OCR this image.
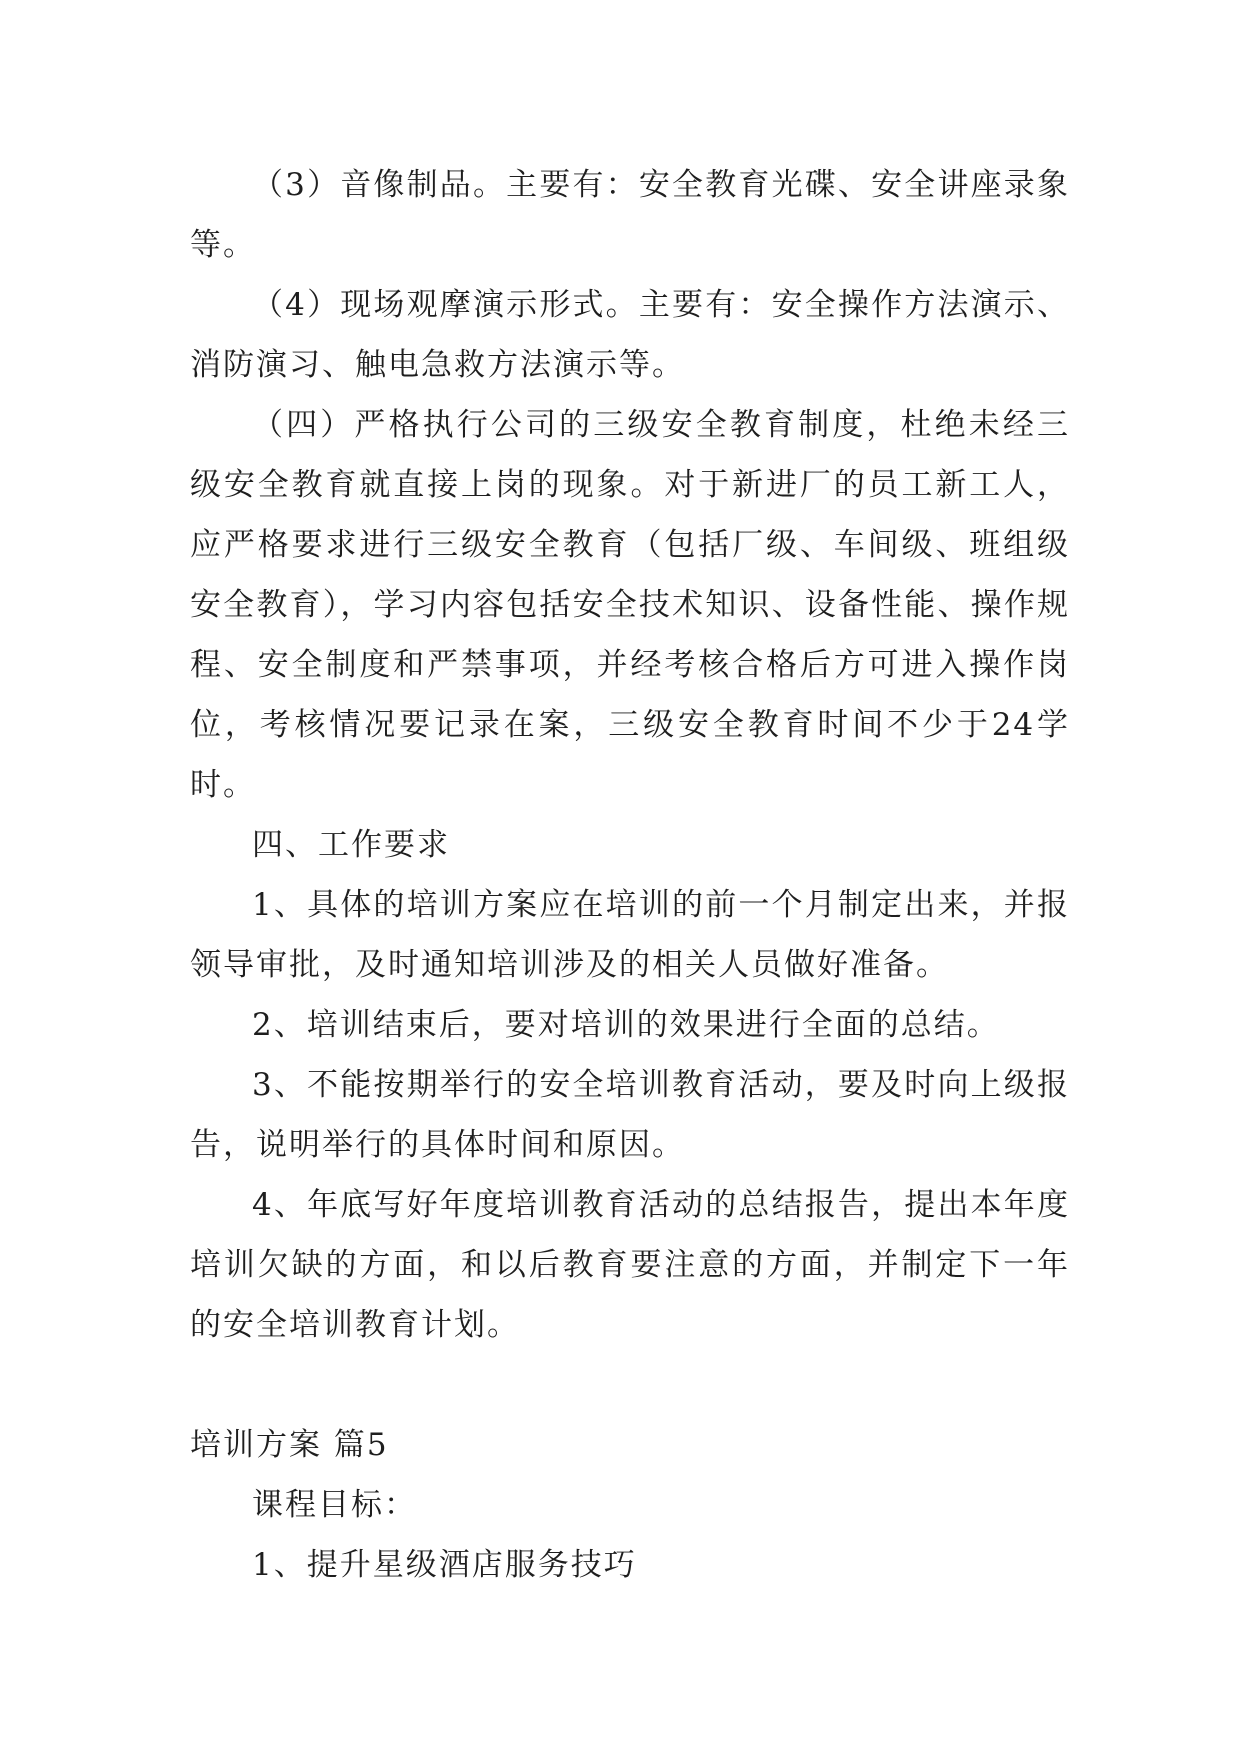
（3）音像制品。主要有：安全教育光碟、安全讲座录象等。

（4）现场观摩演示形式。主要有：安全操作方法演示、消防演习、触电急救方法演示等。

（四）严格执行公司的三级安全教育制度，杜绝未经三级安全教育就直接上岗的现象。对于新进厂的员工新工人，应严格要求进行三级安全教育（包括厂级、车间级、班组级安全教育），学习内容包括安全技术知识、设备性能、操作规程、安全制度和严禁事项，并经考核合格后方可进入操作岗位，考核情况要记录在案，三级安全教育时间不少于24学时。

四、工作要求

1、具体的培训方案应在培训的前一个月制定出来，并报领导审批，及时通知培训涉及的相关人员做好准备。

2、培训结束后，要对培训的效果进行全面的总结。

3、不能按期举行的安全培训教育活动，要及时向上级报告，说明举行的具体时间和原因。

4、年底写好年度培训教育活动的总结报告，提出本年度培训欠缺的方面，和以后教育要注意的方面，并制定下一年的安全培训教育计划。

培训方案 篇5

课程目标：

1、提升星级酒店服务技巧
